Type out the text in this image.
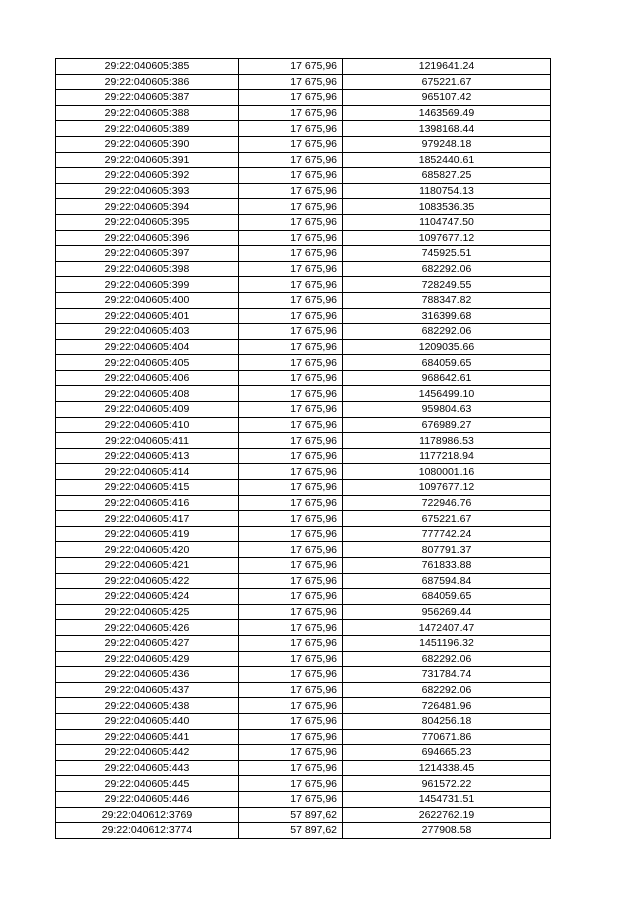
29:22:040605:385	17 675,96	1219641.24
29:22:040605:386	17 675,96	675221.67
29:22:040605:387	17 675,96	965107.42
29:22:040605:388	17 675,96	1463569.49
29:22:040605:389	17 675,96	1398168.44
29:22:040605:390	17 675,96	979248.18
29:22:040605:391	17 675,96	1852440.61
29:22:040605:392	17 675,96	685827.25
29:22:040605:393	17 675,96	1180754.13
29:22:040605:394	17 675,96	1083536.35
29:22:040605:395	17 675,96	1104747.50
29:22:040605:396	17 675,96	1097677.12
29:22:040605:397	17 675,96	745925.51
29:22:040605:398	17 675,96	682292.06
29:22:040605:399	17 675,96	728249.55
29:22:040605:400	17 675,96	788347.82
29:22:040605:401	17 675,96	316399.68
29:22:040605:403	17 675,96	682292.06
29:22:040605:404	17 675,96	1209035.66
29:22:040605:405	17 675,96	684059.65
29:22:040605:406	17 675,96	968642.61
29:22:040605:408	17 675,96	1456499.10
29:22:040605:409	17 675,96	959804.63
29:22:040605:410	17 675,96	676989.27
29:22:040605:411	17 675,96	1178986.53
29:22:040605:413	17 675,96	1177218.94
29:22:040605:414	17 675,96	1080001.16
29:22:040605:415	17 675,96	1097677.12
29:22:040605:416	17 675,96	722946.76
29:22:040605:417	17 675,96	675221.67
29:22:040605:419	17 675,96	777742.24
29:22:040605:420	17 675,96	807791.37
29:22:040605:421	17 675,96	761833.88
29:22:040605:422	17 675,96	687594.84
29:22:040605:424	17 675,96	684059.65
29:22:040605:425	17 675,96	956269.44
29:22:040605:426	17 675,96	1472407.47
29:22:040605:427	17 675,96	1451196.32
29:22:040605:429	17 675,96	682292.06
29:22:040605:436	17 675,96	731784.74
29:22:040605:437	17 675,96	682292.06
29:22:040605:438	17 675,96	726481.96
29:22:040605:440	17 675,96	804256.18
29:22:040605:441	17 675,96	770671.86
29:22:040605:442	17 675,96	694665.23
29:22:040605:443	17 675,96	1214338.45
29:22:040605:445	17 675,96	961572.22
29:22:040605:446	17 675,96	1454731.51
29:22:040612:3769	57 897,62	2622762.19
29:22:040612:3774	57 897,62	277908.58
